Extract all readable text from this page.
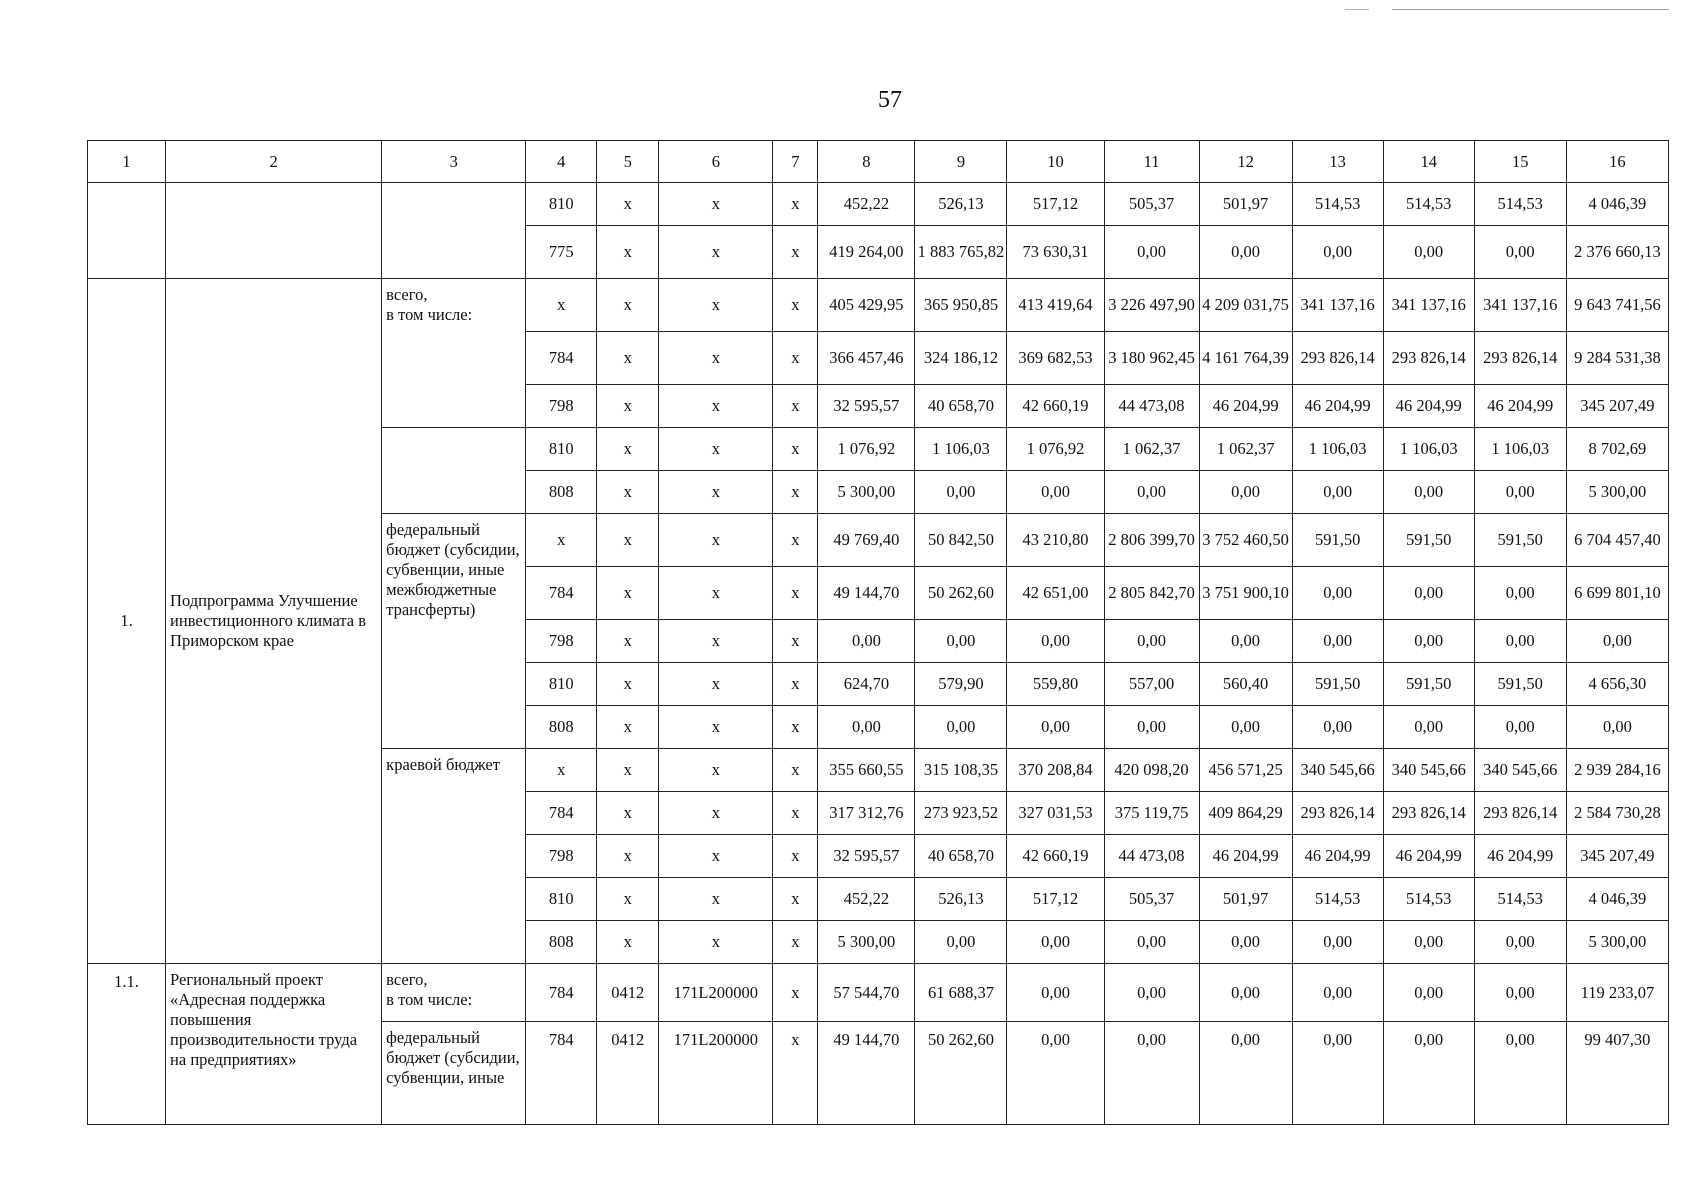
57
1	2	3	4	5	6	7	8	9	10	11	12	13	14	15	16
			810	x	x	x	452,22	526,13	517,12	505,37	501,97	514,53	514,53	514,53	4 046,39
			775	x	x	x	419 264,00	1 883 765,82	73 630,31	0,00	0,00	0,00	0,00	0,00	2 376 660,13
1.	Подпрограмма Улучшение инвестиционного климата в Приморском крае	всего,
в том числе:	x	x	x	x	405 429,95	365 950,85	413 419,64	3 226 497,90	4 209 031,75	341 137,16	341 137,16	341 137,16	9 643 741,56
			784	x	x	x	366 457,46	324 186,12	369 682,53	3 180 962,45	4 161 764,39	293 826,14	293 826,14	293 826,14	9 284 531,38
			798	x	x	x	32 595,57	40 658,70	42 660,19	44 473,08	46 204,99	46 204,99	46 204,99	46 204,99	345 207,49
			810	x	x	x	1 076,92	1 106,03	1 076,92	1 062,37	1 062,37	1 106,03	1 106,03	1 106,03	8 702,69
			808	x	x	x	5 300,00	0,00	0,00	0,00	0,00	0,00	0,00	0,00	5 300,00
		федеральный бюджет (субсидии, субвенции, иные межбюджетные трансферты)	x	x	x	x	49 769,40	50 842,50	43 210,80	2 806 399,70	3 752 460,50	591,50	591,50	591,50	6 704 457,40
			784	x	x	x	49 144,70	50 262,60	42 651,00	2 805 842,70	3 751 900,10	0,00	0,00	0,00	6 699 801,10
			798	x	x	x	0,00	0,00	0,00	0,00	0,00	0,00	0,00	0,00	0,00
			810	x	x	x	624,70	579,90	559,80	557,00	560,40	591,50	591,50	591,50	4 656,30
			808	x	x	x	0,00	0,00	0,00	0,00	0,00	0,00	0,00	0,00	0,00
		краевой бюджет	x	x	x	x	355 660,55	315 108,35	370 208,84	420 098,20	456 571,25	340 545,66	340 545,66	340 545,66	2 939 284,16
			784	x	x	x	317 312,76	273 923,52	327 031,53	375 119,75	409 864,29	293 826,14	293 826,14	293 826,14	2 584 730,28
			798	x	x	x	32 595,57	40 658,70	42 660,19	44 473,08	46 204,99	46 204,99	46 204,99	46 204,99	345 207,49
			810	x	x	x	452,22	526,13	517,12	505,37	501,97	514,53	514,53	514,53	4 046,39
			808	x	x	x	5 300,00	0,00	0,00	0,00	0,00	0,00	0,00	0,00	5 300,00
1.1.	Региональный проект «Адресная поддержка повышения производительности труда на предприятиях»	всего,
в том числе:	784	0412	171L200000	x	57 544,70	61 688,37	0,00	0,00	0,00	0,00	0,00	0,00	119 233,07
		федеральный бюджет (субсидии, субвенции, иные	784	0412	171L200000	x	49 144,70	50 262,60	0,00	0,00	0,00	0,00	0,00	0,00	99 407,30
